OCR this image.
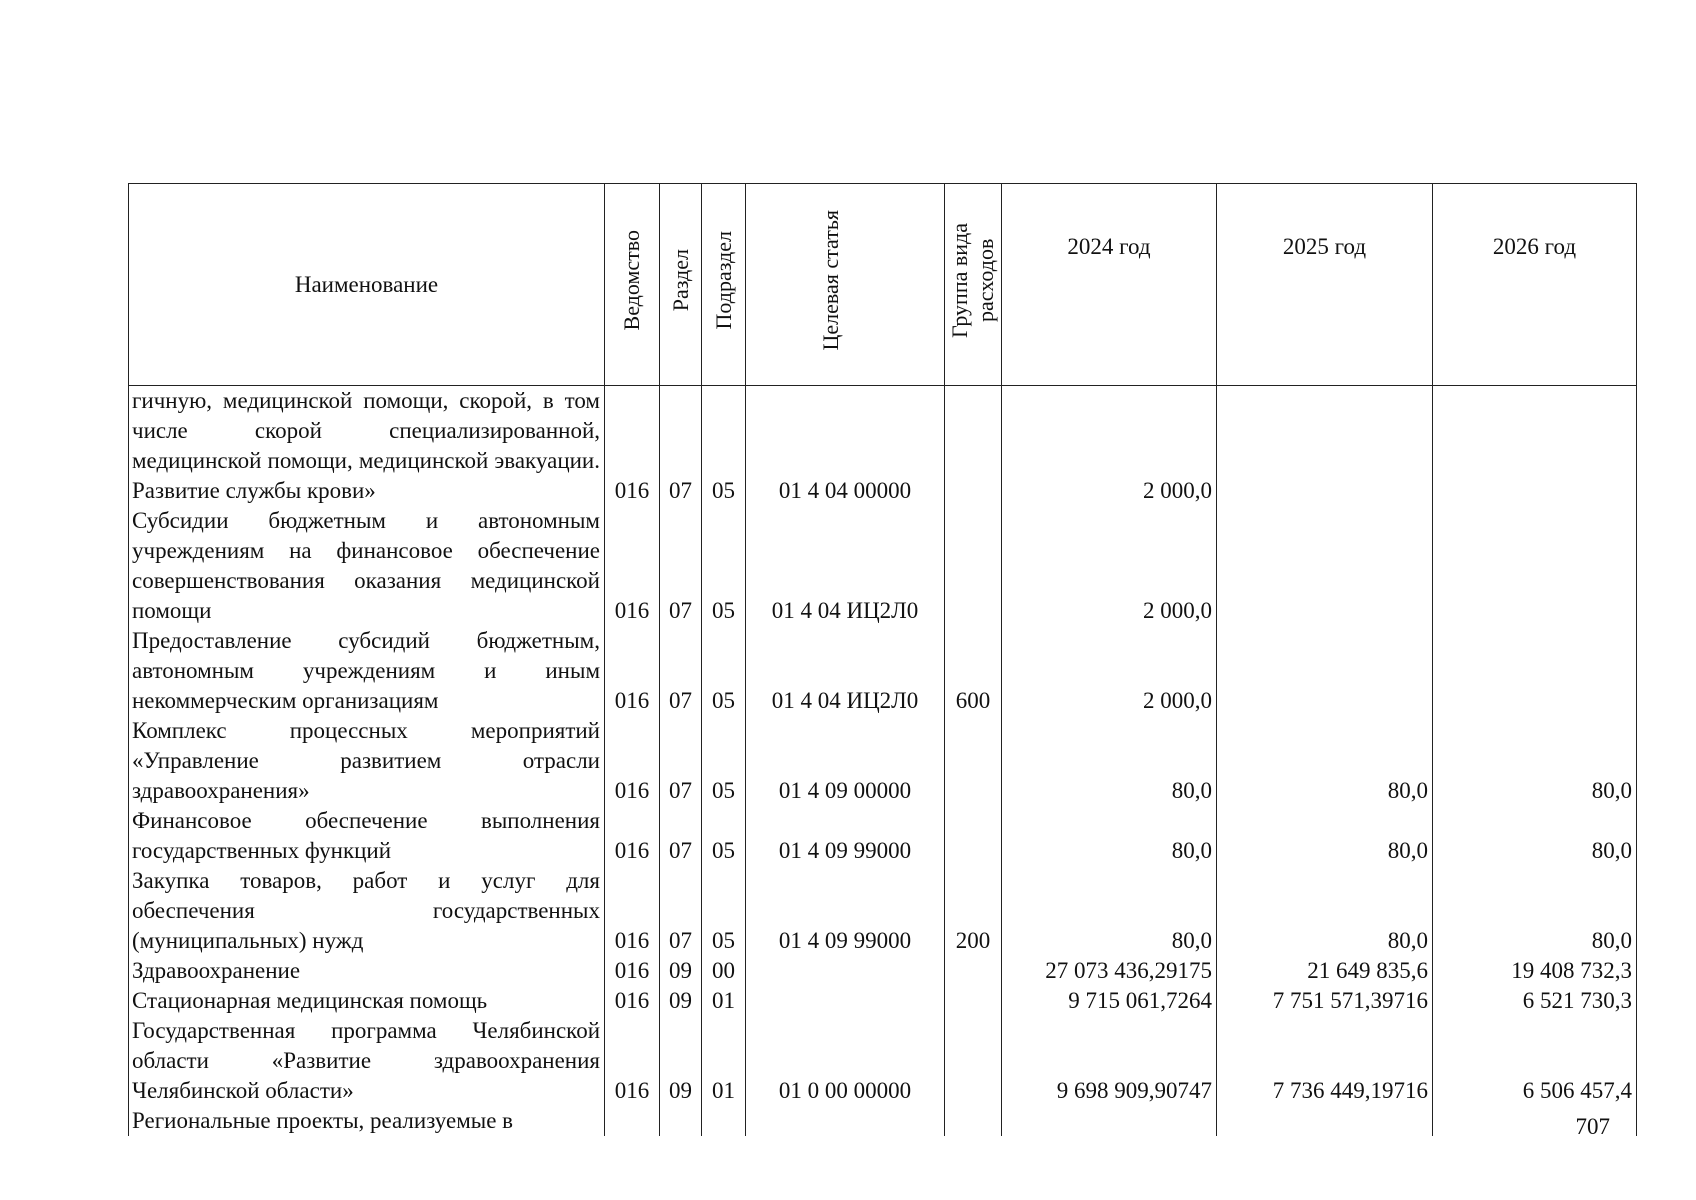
Наименование	Ведомство	Раздел	Подраздел	Целевая статья	Группа вида расходов	2024 год	2025 год	2026 год
гичную, медицинской помощи, скорой, в том числе скорой специализированной, медицинской помощи, медицинской эвакуации. Развитие службы крови»	016	07	05	01 4 04 00000		2 000,0		
Субсидии бюджетным и автономным учреждениям на финансовое обеспечение совершенствования оказания медицинской помощи	016	07	05	01 4 04 ИЦ2Л0		2 000,0		
Предоставление субсидий бюджетным, автономным учреждениям и иным некоммерческим организациям	016	07	05	01 4 04 ИЦ2Л0	600	2 000,0		
Комплекс процессных мероприятий «Управление развитием отрасли здравоохранения»	016	07	05	01 4 09 00000		80,0	80,0	80,0
Финансовое обеспечение выполнения государственных функций	016	07	05	01 4 09 99000		80,0	80,0	80,0
Закупка товаров, работ и услуг для обеспечения государственных (муниципальных) нужд	016	07	05	01 4 09 99000	200	80,0	80,0	80,0
Здравоохранение	016	09	00			27 073 436,29175	21 649 835,6	19 408 732,3
Стационарная медицинская помощь	016	09	01			9 715 061,7264	7 751 571,39716	6 521 730,3
Государственная программа Челябинской области «Развитие здравоохранения Челябинской области»	016	09	01	01 0 00 00000		9 698 909,90747	7 736 449,19716	6 506 457,4
Региональные проекты, реализуемые в									707
